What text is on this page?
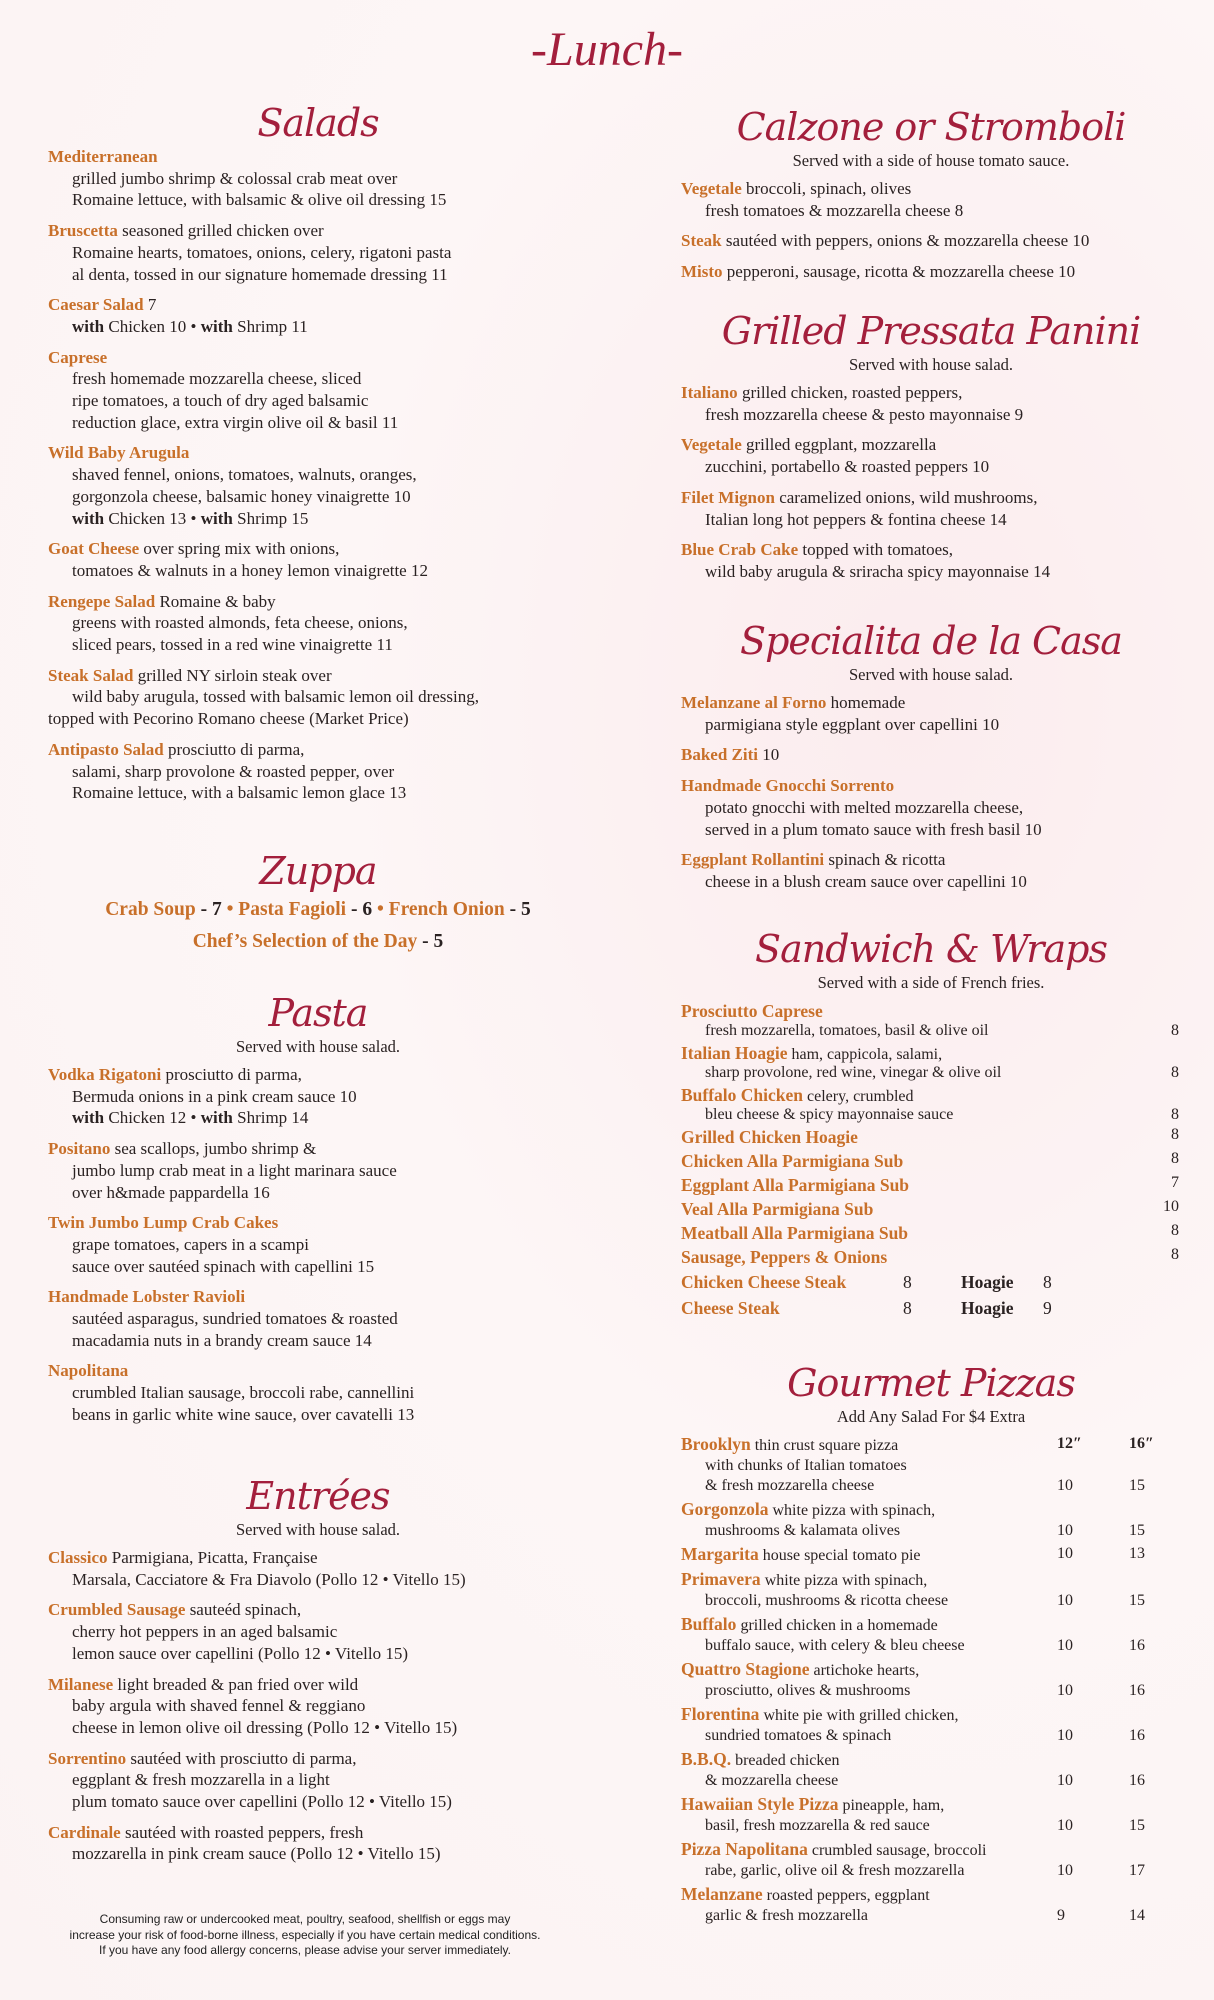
-Lunch-
Salads
Mediterranean
grilled jumbo shrimp & colossal crab meat over
Romaine lettuce, with balsamic & olive oil dressing 15
Bruscetta seasoned grilled chicken over
Romaine hearts, tomatoes, onions, celery, rigatoni pasta
al denta, tossed in our signature homemade dressing 11
Caesar Salad 7
with Chicken 10 • with Shrimp 11
Caprese
fresh homemade mozzarella cheese, sliced
ripe tomatoes, a touch of dry aged balsamic
reduction glace, extra virgin olive oil & basil 11
Wild Baby Arugula
shaved fennel, onions, tomatoes, walnuts, oranges,
gorgonzola cheese, balsamic honey vinaigrette 10
with Chicken 13 • with Shrimp 15
Goat Cheese over spring mix with onions,
tomatoes & walnuts in a honey lemon vinaigrette 12
Rengepe Salad Romaine & baby
greens with roasted almonds, feta cheese, onions,
sliced pears, tossed in a red wine vinaigrette 11
Steak Salad grilled NY sirloin steak over
wild baby arugula, tossed with balsamic lemon oil dressing,
topped with Pecorino Romano cheese (Market Price)
Antipasto Salad prosciutto di parma,
salami, sharp provolone & roasted pepper, over
Romaine lettuce, with a balsamic lemon glace 13
Zuppa
Crab Soup - 7 • Pasta Fagioli - 6 • French Onion - 5
Chef’s Selection of the Day - 5
Pasta
Served with house salad.
Vodka Rigatoni prosciutto di parma,
Bermuda onions in a pink cream sauce 10
with Chicken 12 • with Shrimp 14
Positano sea scallops, jumbo shrimp &
jumbo lump crab meat in a light marinara sauce
over h&made pappardella 16
Twin Jumbo Lump Crab Cakes
grape tomatoes, capers in a scampi
sauce over sautéed spinach with capellini 15
Handmade Lobster Ravioli
sautéed asparagus, sundried tomatoes & roasted
macadamia nuts in a brandy cream sauce 14
Napolitana
crumbled Italian sausage, broccoli rabe, cannellini
beans in garlic white wine sauce, over cavatelli 13
Entrées
Served with house salad.
Classico Parmigiana, Picatta, Française
Marsala, Cacciatore & Fra Diavolo (Pollo 12 • Vitello 15)
Crumbled Sausage sauteéd spinach,
cherry hot peppers in an aged balsamic
lemon sauce over capellini (Pollo 12 • Vitello 15)
Milanese light breaded & pan fried over wild
baby argula with shaved fennel & reggiano
cheese in lemon olive oil dressing (Pollo 12 • Vitello 15)
Sorrentino sautéed with prosciutto di parma,
eggplant & fresh mozzarella in a light
plum tomato sauce over capellini (Pollo 12 • Vitello 15)
Cardinale sautéed with roasted peppers, fresh
mozzarella in pink cream sauce (Pollo 12 • Vitello 15)
Calzone or Stromboli
Served with a side of house tomato sauce.
Vegetale broccoli, spinach, olives
fresh tomatoes & mozzarella cheese 8
Steak sautéed with peppers, onions & mozzarella cheese 10
Misto pepperoni, sausage, ricotta & mozzarella cheese 10
Grilled Pressata Panini
Served with house salad.
Italiano grilled chicken, roasted peppers,
fresh mozzarella cheese & pesto mayonnaise 9
Vegetale grilled eggplant, mozzarella
zucchini, portabello & roasted peppers 10
Filet Mignon caramelized onions, wild mushrooms,
Italian long hot peppers & fontina cheese 14
Blue Crab Cake topped with tomatoes,
wild baby arugula & sriracha spicy mayonnaise 14
Specialita de la Casa
Served with house salad.
Melanzane al Forno homemade
parmigiana style eggplant over capellini 10
Baked Ziti 10
Handmade Gnocchi Sorrento
potato gnocchi with melted mozzarella cheese,
served in a plum tomato sauce with fresh basil 10
Eggplant Rollantini spinach & ricotta
cheese in a blush cream sauce over capellini 10
Sandwich & Wraps
Served with a side of French fries.
Prosciutto Caprese
fresh mozzarella, tomatoes, basil & olive oil	8
Italian Hoagie ham, cappicola, salami,
sharp provolone, red wine, vinegar & olive oil	8
Buffalo Chicken celery, crumbled
bleu cheese & spicy mayonnaise sauce	8
Grilled Chicken Hoagie	8
Chicken Alla Parmigiana Sub	8
Eggplant Alla Parmigiana Sub	7
Veal Alla Parmigiana Sub	10
Meatball Alla Parmigiana Sub	8
Sausage, Peppers & Onions	8
Chicken Cheese Steak	8	Hoagie	8
Cheese Steak	8	Hoagie	9
Gourmet Pizzas
Add Any Salad For $4 Extra
Brooklyn thin crust square pizza	12″	16″
with chunks of Italian tomatoes
& fresh mozzarella cheese	10	15
Gorgonzola white pizza with spinach,
mushrooms & kalamata olives	10	15
Margarita house special tomato pie	10	13
Primavera white pizza with spinach,
broccoli, mushrooms & ricotta cheese	10	15
Buffalo grilled chicken in a homemade
buffalo sauce, with celery & bleu cheese	10	16
Quattro Stagione artichoke hearts,
prosciutto, olives & mushrooms	10	16
Florentina white pie with grilled chicken,
sundried tomatoes & spinach	10	16
B.B.Q. breaded chicken
& mozzarella cheese	10	16
Hawaiian Style Pizza pineapple, ham,
basil, fresh mozzarella & red sauce	10	15
Pizza Napolitana crumbled sausage, broccoli
rabe, garlic, olive oil & fresh mozzarella	10	17
Melanzane roasted peppers, eggplant
garlic & fresh mozzarella	9	14
Consuming raw or undercooked meat, poultry, seafood, shellfish or eggs may
increase your risk of food-borne illness, especially if you have certain medical conditions.
If you have any food allergy concerns, please advise your server immediately.
